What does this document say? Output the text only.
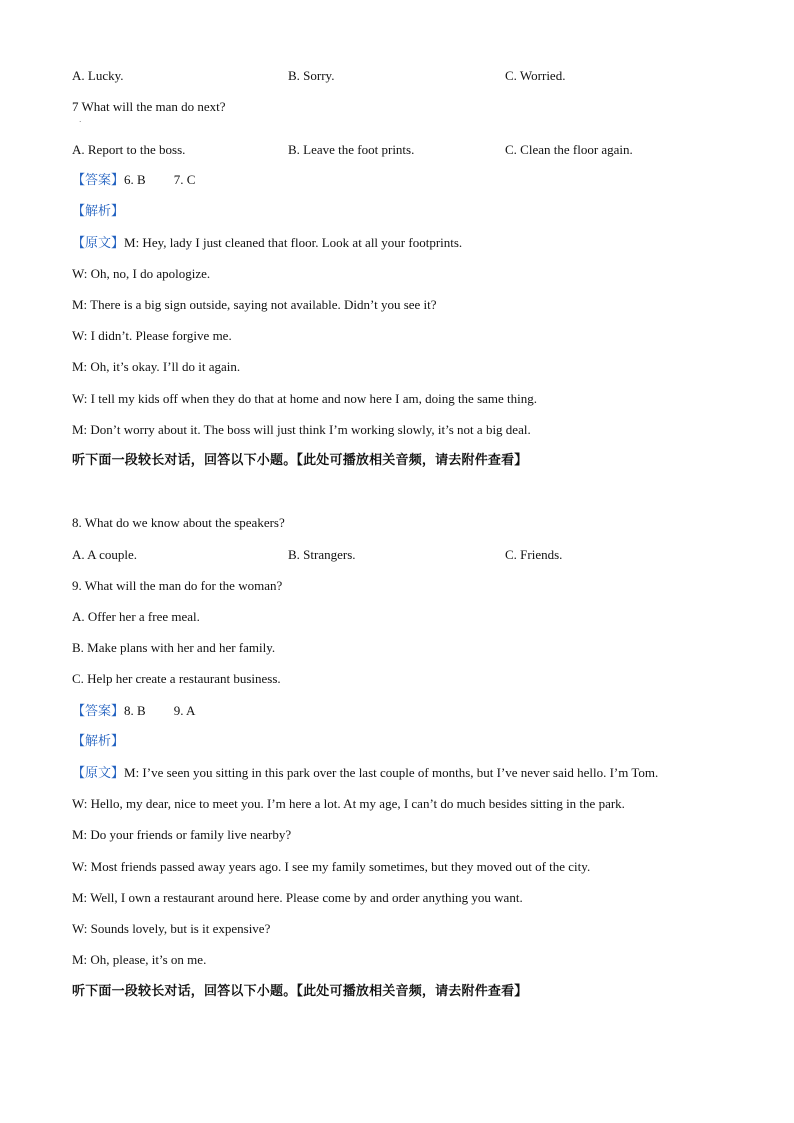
A. Lucky.	B. Sorry.	C. Worried.
7 What will the man do next?
·
A. Report to the boss.	B. Leave the foot prints.	C. Clean the floor again.
【答案】6. B 7. C
【解析】
【原文】M: Hey, lady I just cleaned that floor. Look at all your footprints.
W: Oh, no, I do apologize.
M: There is a big sign outside, saying not available. Didn’t you see it?
W: I didn’t. Please forgive me.
M: Oh, it’s okay. I’ll do it again.
W: I tell my kids off when they do that at home and now here I am, doing the same thing.
M: Don’t worry about it. The boss will just think I’m working slowly, it’s not a big deal.
听下面一段较长对话，回答以下小题。【此处可播放相关音频，请去附件查看】
8. What do we know about the speakers?
A. A couple.	B. Strangers.	C. Friends.
9. What will the man do for the woman?
A. Offer her a free meal.
B. Make plans with her and her family.
C. Help her create a restaurant business.
【答案】8. B 9. A
【解析】
【原文】M: I’ve seen you sitting in this park over the last couple of months, but I’ve never said hello. I’m Tom.
W: Hello, my dear, nice to meet you. I’m here a lot. At my age, I can’t do much besides sitting in the park.
M: Do your friends or family live nearby?
W: Most friends passed away years ago. I see my family sometimes, but they moved out of the city.
M: Well, I own a restaurant around here. Please come by and order anything you want.
W: Sounds lovely, but is it expensive?
M: Oh, please, it’s on me.
听下面一段较长对话，回答以下小题。【此处可播放相关音频，请去附件查看】
